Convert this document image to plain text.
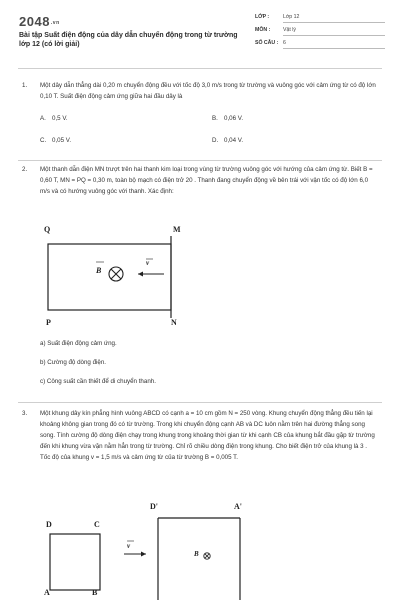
2048.vn
Bài tập Suất điện động của dây dẫn chuyển động trong từ trường lớp 12 (có lời giải)
LỚP :	Lớp 12
MÔN :	Vật lý
SỐ CÂU : 6
1. Một dây dẫn thẳng dài 0,20 m chuyển động đều với tốc độ 3,0 m/s trong từ trường và vuông góc với cảm ứng từ có độ lớn 0,10 T. Suất điện động cảm ứng giữa hai đầu dây là
A. 0,5 V.	B. 0,06 V.
C. 0,05 V.	D. 0,04 V.
2. Một thanh dẫn điện MN trượt trên hai thanh kim loại trong vùng từ trường vuông góc với hướng của cảm ứng từ. Biết B = 0,60 T, MN = PQ = 0,30 m, toàn bộ mạch có điện trở 20 . Thanh đang chuyển động về bên trái với vận tốc có độ lớn 6,0 m/s và có hướng vuông góc với thanh. Xác định:
Q	M
P	N
B
v
a) Suất điện động cảm ứng.
b) Cường độ dòng điện.
c) Công suất cần thiết để di chuyển thanh.
3. Một khung dây kín phẳng hình vuông ABCD có cạnh a = 10 cm gồm N = 250 vòng. Khung chuyển động thẳng đều tiến lại khoảng không gian trong đó có từ trường. Trong khi chuyển động cạnh AB và DC luôn nằm trên hai đường thẳng song song. Tính cường độ dòng điện chạy trong khung trong khoảng thời gian từ khi cạnh CB của khung bắt đầu gặp từ trường đến khi khung vừa vặn nằm hẳn trong từ trường. Chỉ rõ chiều dòng điện trong khung. Cho biết điện trở của khung là 3 . Tốc độ của khung v = 1,5 m/s và cảm ứng từ của từ trường B = 0,005 T.
D	C
A	B
D'	A'
v
B
